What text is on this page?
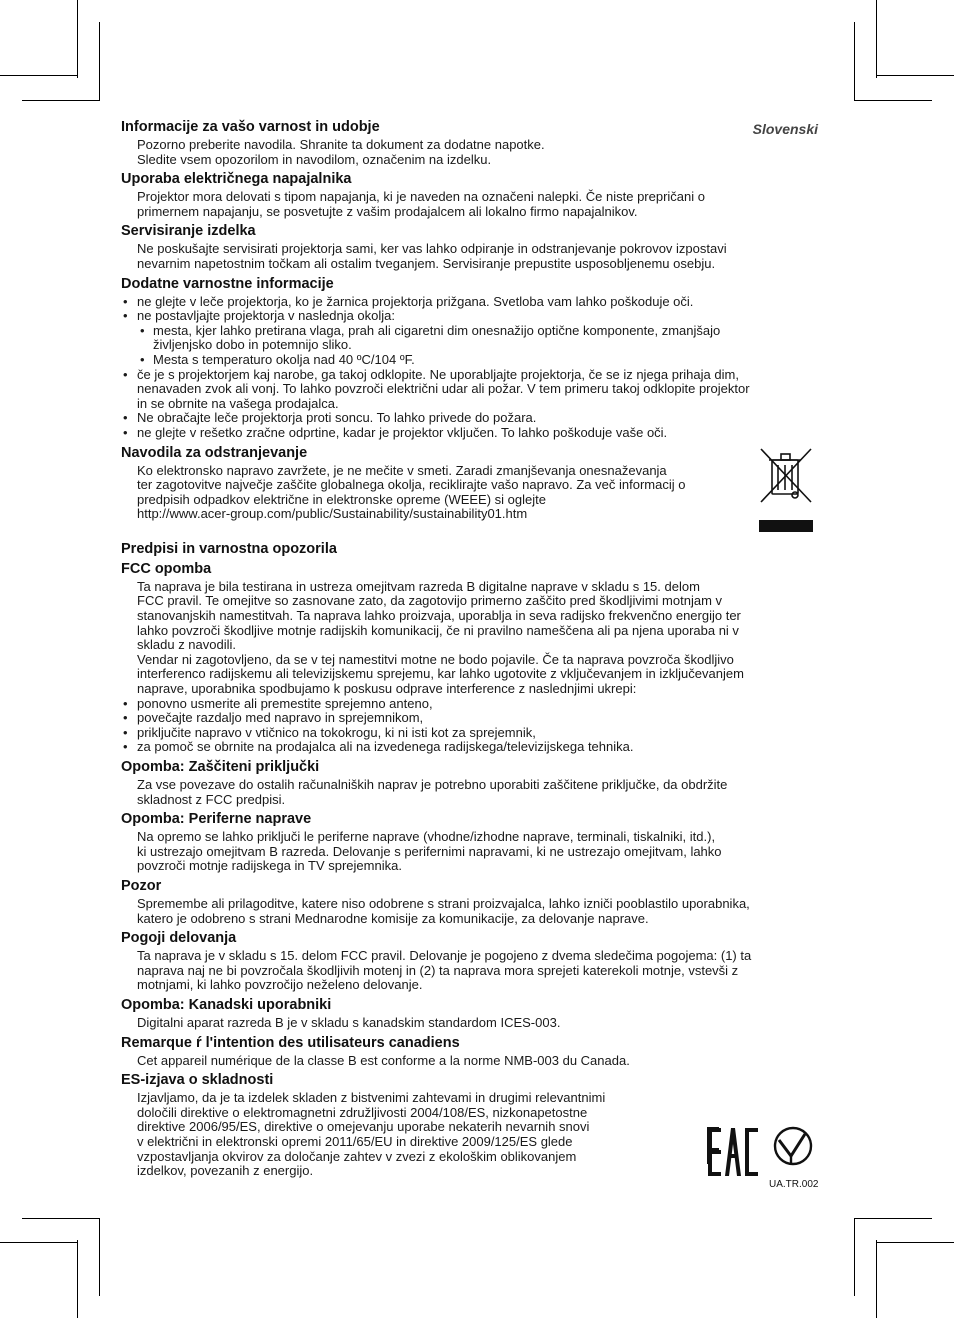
Slovenski
Informacije za vašo varnost in udobje
Pozorno preberite navodila. Shranite ta dokument za dodatne napotke.
Sledite vsem opozorilom in navodilom, označenim na izdelku.
Uporaba električnega napajalnika
Projektor mora delovati s tipom napajanja, ki je naveden na označeni nalepki. Če niste prepričani o
primernem napajanju, se posvetujte z vašim prodajalcem ali lokalno firmo napajalnikov.
Servisiranje izdelka
Ne poskušajte servisirati projektorja sami, ker vas lahko odpiranje in odstranjevanje pokrovov izpostavi
nevarnim napetostnim točkam ali ostalim tveganjem. Servisiranje prepustite usposobljenemu osebju.
Dodatne varnostne informacije
• ne glejte v leče projektorja, ko je žarnica projektorja prižgana. Svetloba vam lahko poškoduje oči.
• ne postavljajte projektorja v naslednja okolja:
• mesta, kjer lahko pretirana vlaga, prah ali cigaretni dim onesnažijo optične komponente, zmanjšajo
življenjsko dobo in potemnijo sliko.
• Mesta s temperaturo okolja nad 40 ºC/104 ºF.
• če je s projektorjem kaj narobe, ga takoj odklopite. Ne uporabljajte projektorja, če se iz njega prihaja dim,
nenavaden zvok ali vonj. To lahko povzroči električni udar ali požar. V tem primeru takoj odklopite projektor
in se obrnite na vašega prodajalca.
• Ne obračajte leče projektorja proti soncu. To lahko privede do požara.
• ne glejte v rešetko zračne odprtine, kadar je projektor vključen. To lahko poškoduje vaše oči.
Navodila za odstranjevanje
Ko elektronsko napravo zavržete, je ne mečite v smeti. Zaradi zmanjševanja onesnaževanja
ter zagotovitve največje zaščite globalnega okolja, reciklirajte vašo napravo. Za več informacij o
predpisih odpadkov električne in elektronske opreme (WEEE) si oglejte
http://www.acer-group.com/public/Sustainability/sustainability01.htm
Predpisi in varnostna opozorila
FCC opomba
Ta naprava je bila testirana in ustreza omejitvam razreda B digitalne naprave v skladu s 15. delom
FCC pravil. Te omejitve so zasnovane zato, da zagotovijo primerno zaščito pred škodljivimi motnjam v
stanovanjskih namestitvah. Ta naprava lahko proizvaja, uporablja in seva radijsko frekvenčno energijo ter
lahko povzroči škodljive motnje radijskih komunikacij, če ni pravilno nameščena ali pa njena uporaba ni v
skladu z navodili.
Vendar ni zagotovljeno, da se v tej namestitvi motne ne bodo pojavile. Če ta naprava povzroča škodljivo
interferenco radijskemu ali televizijskemu sprejemu, kar lahko ugotovite z vključevanjem in izključevanjem
naprave, uporabnika spodbujamo k poskusu odprave interference z naslednjimi ukrepi:
• ponovno usmerite ali premestite sprejemno anteno,
• povečajte razdaljo med napravo in sprejemnikom,
• priključite napravo v vtičnico na tokokrogu, ki ni isti kot za sprejemnik,
• za pomoč se obrnite na prodajalca ali na izvedenega radijskega/televizijskega tehnika.
Opomba: Zaščiteni priključki
Za vse povezave do ostalih računalniških naprav je potrebno uporabiti zaščitene priključke, da obdržite
skladnost z FCC predpisi.
Opomba: Periferne naprave
Na opremo se lahko priključi le periferne naprave (vhodne/izhodne naprave, terminali, tiskalniki, itd.),
ki ustrezajo omejitvam B razreda. Delovanje s perifernimi napravami, ki ne ustrezajo omejitvam, lahko
povzroči motnje radijskega in TV sprejemnika.
Pozor
Spremembe ali prilagoditve, katere niso odobrene s strani proizvajalca, lahko izniči pooblastilo uporabnika,
katero je odobreno s strani Mednarodne komisije za komunikacije, za delovanje naprave.
Pogoji delovanja
Ta naprava je v skladu s 15. delom FCC pravil. Delovanje je pogojeno z dvema sledečima pogojema: (1) ta
naprava naj ne bi povzročala škodljivih motenj in (2) ta naprava mora sprejeti katerekoli motnje, vstevši z
motnjami, ki lahko povzročijo neželeno delovanje.
Opomba: Kanadski uporabniki
Digitalni aparat razreda B je v skladu s kanadskim standardom ICES-003.
Remarque ŕ l'intention des utilisateurs canadiens
Cet appareil numérique de la classe B est conforme a la norme NMB-003 du Canada.
ES-izjava o skladnosti
Izjavljamo, da je ta izdelek skladen z bistvenimi zahtevami in drugimi relevantnimi
določili direktive o elektromagnetni združljivosti 2004/108/ES, nizkonapetostne
direktive 2006/95/ES, direktive o omejevanju uporabe nekaterih nevarnih snovi
v električni in elektronski opremi 2011/65/EU in direktive 2009/125/ES glede
vzpostavljanja okvirov za določanje zahtev v zvezi z ekološkim oblikovanjem
izdelkov, povezanih z energijo.
UA.TR.002
